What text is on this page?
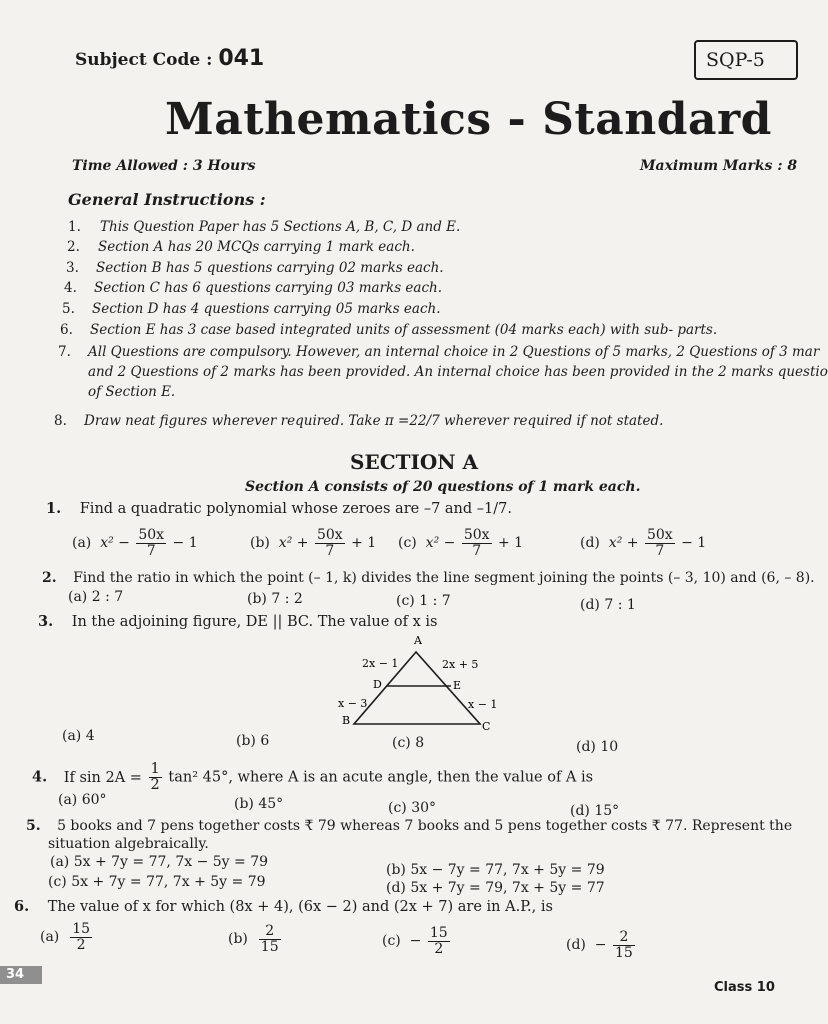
Subject Code : 041	SQP-5
Mathematics - Standard
Time Allowed : 3 Hours	Maximum Marks : 8
General Instructions :
1. This Question Paper has 5 Sections A, B, C, D and E.
2. Section A has 20 MCQs carrying 1 mark each.
3. Section B has 5 questions carrying 02 marks each.
4. Section C has 6 questions carrying 03 marks each.
5. Section D has 4 questions carrying 05 marks each.
6. Section E has 3 case based integrated units of assessment (04 marks each) with sub- parts.
7. All Questions are compulsory. However, an internal choice in 2 Questions of 5 marks, 2 Questions of 3 mar
and 2 Questions of 2 marks has been provided. An internal choice has been provided in the 2 marks questio
of Section E.
8. Draw neat figures wherever required. Take π =22/7 wherever required if not stated.
SECTION A
Section A consists of 20 questions of 1 mark each.
1. Find a quadratic polynomial whose zeroes are –7 and –1/7.
(a) $x^2 - \frac{50x}{7} - 1$	(b) $x^2 + \frac{50x}{7} + 1$ (c) $x^2 - \frac{50x}{7} + 1$	(d) $x^2 + \frac{50x}{7} - 1$
2. Find the ratio in which the point (– 1, k) divides the line segment joining the points (– 3, 10) and (6, – 8).
(a) 2 : 7	(b) 7 : 2	(c) 1 : 7	(d) 7 : 1
3. In the adjoining figure, DE || BC. The value of x is
A
B	C
D	E
2x − 1	2x + 5
x − 3	x − 1
(a) 4	(b) 6	(c) 8	(d) 10
4. If $\sin 2A = \frac{1}{2} \tan^2$ 45°, where A is an acute angle, then the value of A is
(a) 60°	(b) 45°	(c) 30°	(d) 15°
5. 5 books and 7 pens together costs ₹ 79 whereas 7 books and 5 pens together costs ₹ 77. Represent the
situation algebraically.
(a) 5x + 7y = 77, 7x − 5y = 79	(b) 5x − 7y = 77, 7x + 5y = 79
(c) 5x + 7y = 77, 7x + 5y = 79	(d) 5x + 7y = 79, 7x + 5y = 77
6. The value of x for which (8x + 4), (6x − 2) and (2x + 7) are in A.P., is
$(a) \frac{15}{2}$	$(b) \frac{2}{15}$	$(c) - \frac{15}{2}$	$(d) - \frac{2}{15}$
34
Class 10
